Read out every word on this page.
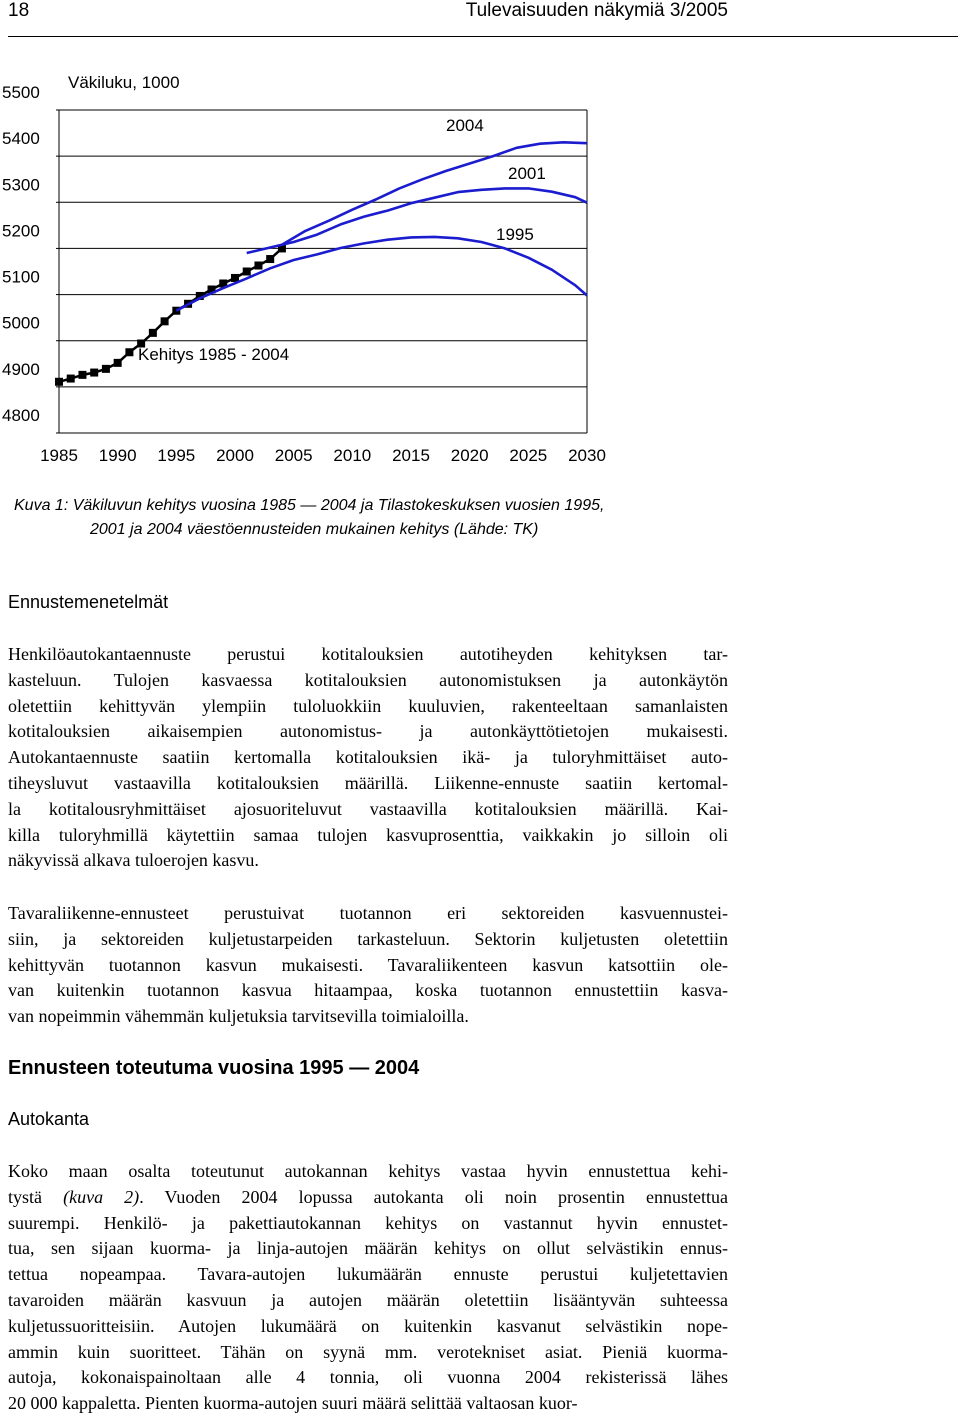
18	Tulevaisuuden näkymiä 3/2005
5500
5400
5300
5200
5100
5000
4900
4800
1985 1990 1995 2000 2005 2010 2015 2020 2025 2030
Väkiluku, 1000
2004
2001
1995
Kehitys 1985 - 2004
Kuva 1: Väkiluvun kehitys vuosina 1985 — 2004 ja Tilastokeskuksen vuosien 1995,
2001 ja 2004 väestöennusteiden mukainen kehitys (Lähde: TK)
Ennustemenetelmät
Henkilöautokantaennuste perustui kotitalouksien autotiheyden kehityksen tar-
kasteluun. Tulojen kasvaessa kotitalouksien autonomistuksen ja autonkäytön
oletettiin kehittyvän ylempiin tuloluokkiin kuuluvien, rakenteeltaan samanlaisten
kotitalouksien aikaisempien autonomistus- ja autonkäyttötietojen mukaisesti.
Autokantaennuste saatiin kertomalla kotitalouksien ikä- ja tuloryhmittäiset auto-
tiheysluvut vastaavilla kotitalouksien määrillä. Liikenne-ennuste saatiin kertomal-
la kotitalousryhmittäiset ajosuoriteluvut vastaavilla kotitalouksien määrillä. Kai-
killa tuloryhmillä käytettiin samaa tulojen kasvuprosenttia, vaikkakin jo silloin oli
näkyvissä alkava tuloerojen kasvu.
Tavaraliikenne-ennusteet perustuivat tuotannon eri sektoreiden kasvuennustei-
siin, ja sektoreiden kuljetustarpeiden tarkasteluun. Sektorin kuljetusten oletettiin
kehittyvän tuotannon kasvun mukaisesti. Tavaraliikenteen kasvun katsottiin ole-
van kuitenkin tuotannon kasvua hitaampaa, koska tuotannon ennustettiin kasva-
van nopeimmin vähemmän kuljetuksia tarvitsevilla toimialoilla.
Ennusteen toteutuma vuosina 1995 — 2004
Autokanta
Koko maan osalta toteutunut autokannan kehitys vastaa hyvin ennustettua kehi-
tystä (kuva 2). Vuoden 2004 lopussa autokanta oli noin prosentin ennustettua
suurempi. Henkilö- ja pakettiautokannan kehitys on vastannut hyvin ennustet-
tua, sen sijaan kuorma- ja linja-autojen määrän kehitys on ollut selvästikin ennus-
tettua nopeampaa. Tavara-autojen lukumäärän ennuste perustui kuljetettavien
tavaroiden määrän kasvuun ja autojen määrän oletettiin lisääntyvän suhteessa
kuljetussuoritteisiin. Autojen lukumäärä on kuitenkin kasvanut selvästikin nope-
ammin kuin suoritteet. Tähän on syynä mm. verotekniset asiat. Pieniä kuorma-
autoja, kokonaispainoltaan alle 4 tonnia, oli vuonna 2004 rekisterissä lähes
20 000 kappaletta. Pienten kuorma-autojen suuri määrä selittää valtaosan kuor-
